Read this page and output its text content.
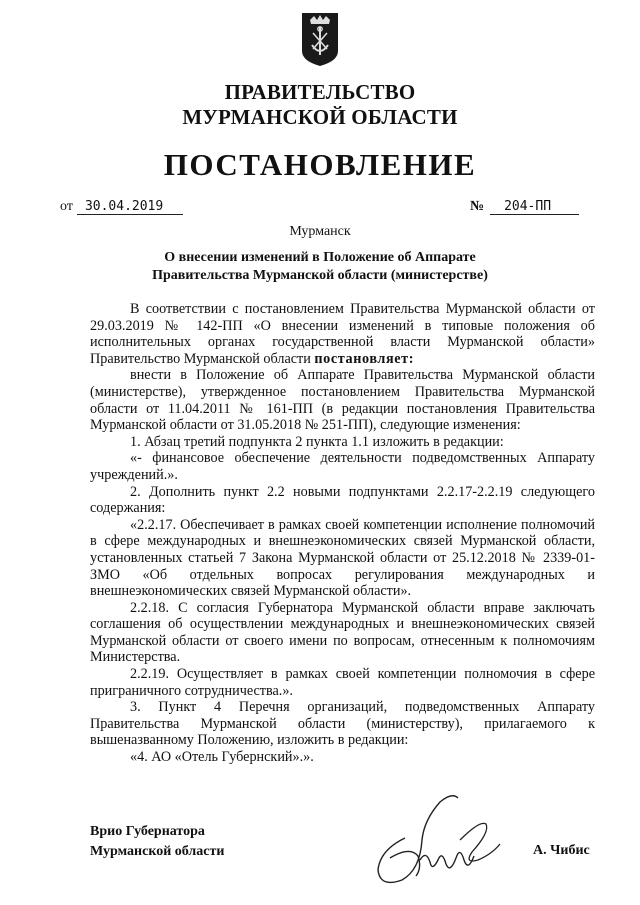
ПРАВИТЕЛЬСТВО
МУРМАНСКОЙ ОБЛАСТИ
ПОСТАНОВЛЕНИЕ
от 30.04.2019	№ 204-ПП
Мурманск
О внесении изменений в Положение об Аппарате
Правительства Мурманской области (министерстве)

В соответствии с постановлением Правительства Мурманской области от 29.03.2019 № 142-ПП «О внесении изменений в типовые положения об исполнительных органах государственной власти Мурманской области» Правительство Мурманской области постановляет:

внести в Положение об Аппарате Правительства Мурманской области (министерстве), утвержденное постановлением Правительства Мурманской области от 11.04.2011 № 161-ПП (в редакции постановления Правительства Мурманской области от 31.05.2018 № 251-ПП), следующие изменения:

1. Абзац третий подпункта 2 пункта 1.1 изложить в редакции:

«- финансовое обеспечение деятельности подведомственных Аппарату учреждений.».

2. Дополнить пункт 2.2 новыми подпунктами 2.2.17-2.2.19 следующего содержания:

«2.2.17. Обеспечивает в рамках своей компетенции исполнение полномочий в сфере международных и внешнеэкономических связей Мурманской области, установленных статьей 7 Закона Мурманской области от 25.12.2018 № 2339-01-ЗМО «Об отдельных вопросах регулирования международных и внешнеэкономических связей Мурманской области».

2.2.18. С согласия Губернатора Мурманской области вправе заключать соглашения об осуществлении международных и внешнеэкономических связей Мурманской области от своего имени по вопросам, отнесенным к полномочиям Министерства.

2.2.19. Осуществляет в рамках своей компетенции полномочия в сфере приграничного сотрудничества.».

3. Пункт 4 Перечня организаций, подведомственных Аппарату Правительства Мурманской области (министерству), прилагаемого к вышеназванному Положению, изложить в редакции:

«4. АО «Отель Губернский».».

Врио Губернатора
Мурманской области	А. Чибис
